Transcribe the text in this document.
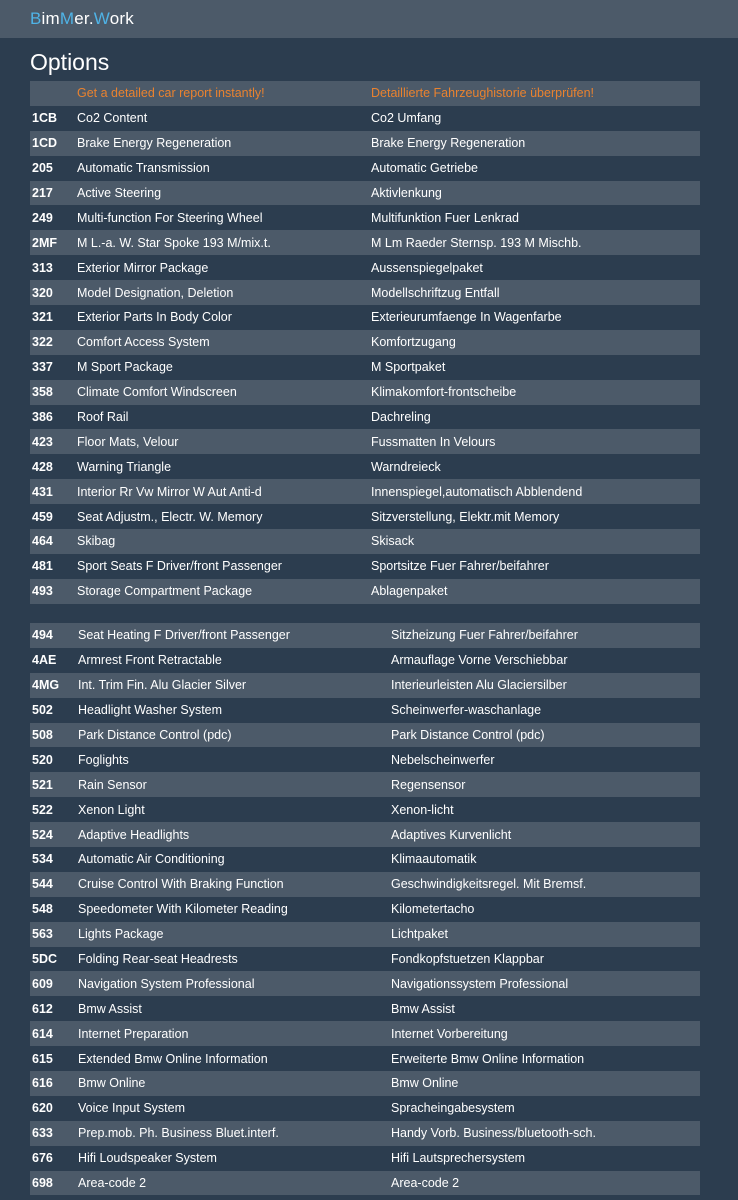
BimMer.Work
Options
	Get a detailed car report instantly!	Detaillierte Fahrzeughistorie überprüfen!
1CB	Co2 Content	Co2 Umfang
1CD	Brake Energy Regeneration	Brake Energy Regeneration
205	Automatic Transmission	Automatic Getriebe
217	Active Steering	Aktivlenkung
249	Multi-function For Steering Wheel	Multifunktion Fuer Lenkrad
2MF	M L.-a. W. Star Spoke 193 M/mix.t.	M Lm Raeder Sternsp. 193 M Mischb.
313	Exterior Mirror Package	Aussenspiegelpaket
320	Model Designation, Deletion	Modellschriftzug Entfall
321	Exterior Parts In Body Color	Exterieurumfaenge In Wagenfarbe
322	Comfort Access System	Komfortzugang
337	M Sport Package	M Sportpaket
358	Climate Comfort Windscreen	Klimakomfort-frontscheibe
386	Roof Rail	Dachreling
423	Floor Mats, Velour	Fussmatten In Velours
428	Warning Triangle	Warndreieck
431	Interior Rr Vw Mirror W Aut Anti-d	Innenspiegel,automatisch Abblendend
459	Seat Adjustm., Electr. W. Memory	Sitzverstellung, Elektr.mit Memory
464	Skibag	Skisack
481	Sport Seats F Driver/front Passenger	Sportsitze Fuer Fahrer/beifahrer
493	Storage Compartment Package	Ablagenpaket
494	Seat Heating F Driver/front Passenger	Sitzheizung Fuer Fahrer/beifahrer
4AE	Armrest Front Retractable	Armauflage Vorne Verschiebbar
4MG	Int. Trim Fin. Alu Glacier Silver	Interieurleisten Alu Glaciersilber
502	Headlight Washer System	Scheinwerfer-waschanlage
508	Park Distance Control (pdc)	Park Distance Control (pdc)
520	Foglights	Nebelscheinwerfer
521	Rain Sensor	Regensensor
522	Xenon Light	Xenon-licht
524	Adaptive Headlights	Adaptives Kurvenlicht
534	Automatic Air Conditioning	Klimaautomatik
544	Cruise Control With Braking Function	Geschwindigkeitsregel. Mit Bremsf.
548	Speedometer With Kilometer Reading	Kilometertacho
563	Lights Package	Lichtpaket
5DC	Folding Rear-seat Headrests	Fondkopfstuetzen Klappbar
609	Navigation System Professional	Navigationssystem Professional
612	Bmw Assist	Bmw Assist
614	Internet Preparation	Internet Vorbereitung
615	Extended Bmw Online Information	Erweiterte Bmw Online Information
616	Bmw Online	Bmw Online
620	Voice Input System	Spracheingabesystem
633	Prep.mob. Ph. Business Bluet.interf.	Handy Vorb. Business/bluetooth-sch.
676	Hifi Loudspeaker System	Hifi Lautsprechersystem
698	Area-code 2	Area-code 2
